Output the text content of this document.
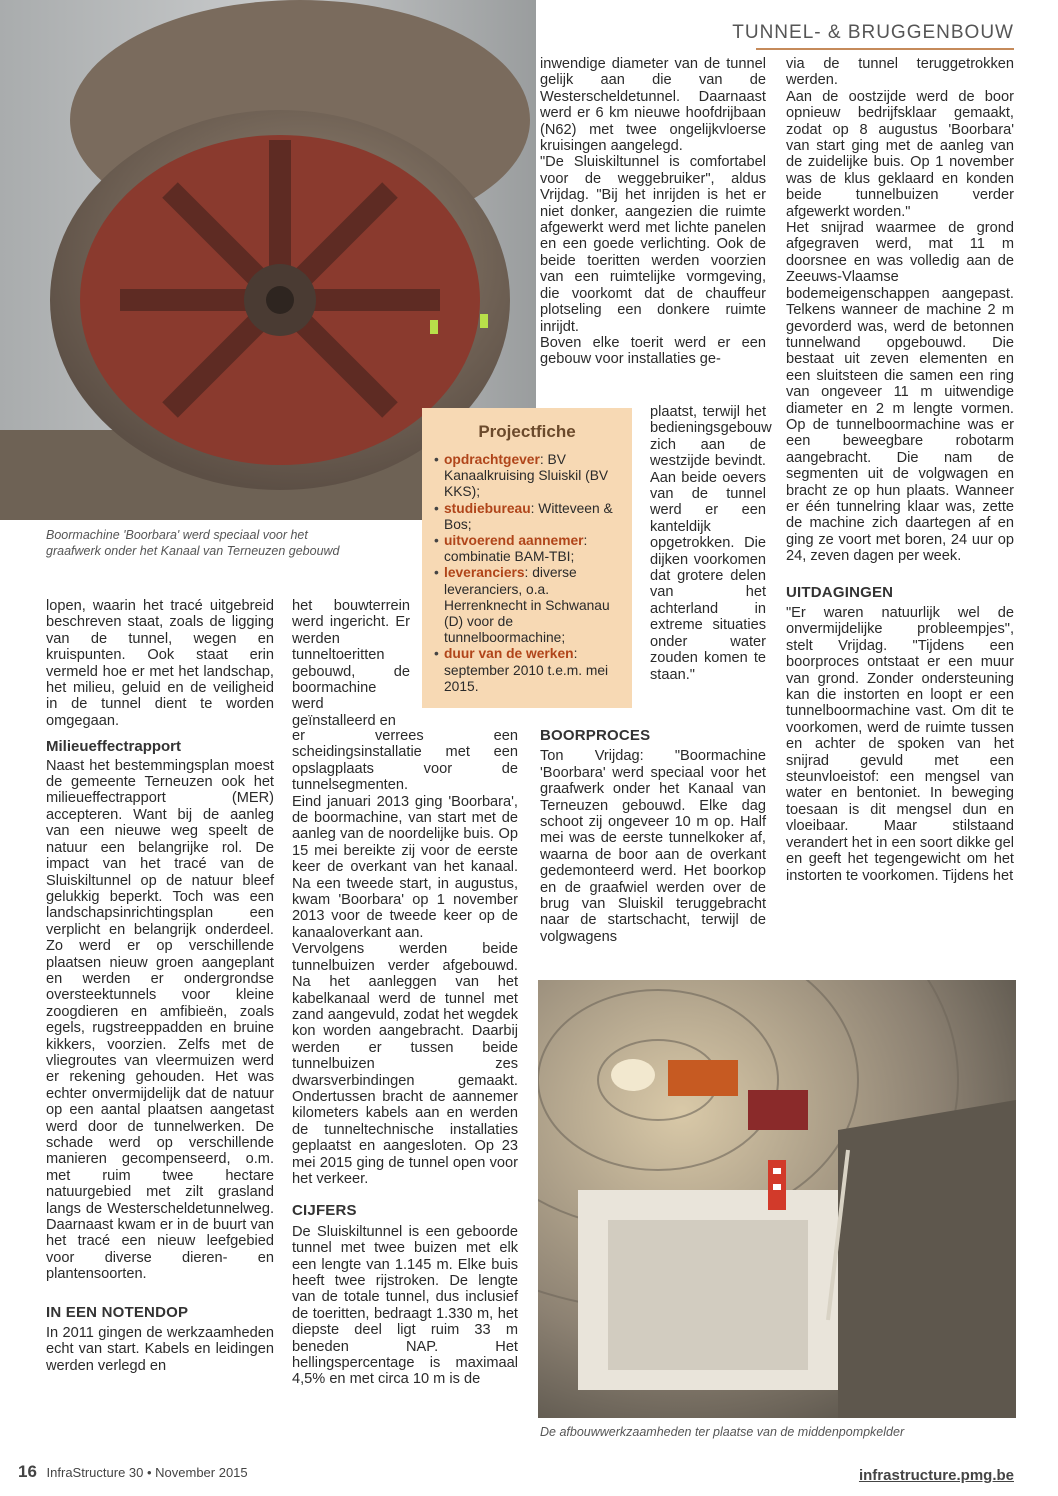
TUNNEL- & BRUGGENBOUW
Boormachine 'Boorbara' werd speciaal voor het graafwerk onder het Kanaal van Terneuzen gebouwd

lopen, waarin het tracé uitgebreid beschreven staat, zoals de ligging van de tunnel, wegen en kruispunten. Ook staat erin vermeld hoe er met het landschap, het milieu, geluid en de veiligheid in de tunnel dient te worden omgegaan.

Milieueffectrapport

Naast het bestemmingsplan moest de gemeente Terneuzen ook het milieueffectrapport (MER) accepteren. Want bij de aanleg van een nieuwe weg speelt de natuur een belangrijke rol. De impact van het tracé van de Sluiskiltunnel op de natuur bleef gelukkig beperkt. Toch was een landschapsinrichtingsplan een verplicht en belangrijk onderdeel. Zo werd er op verschillende plaatsen nieuw groen aangeplant en werden er ondergrondse oversteektunnels voor kleine zoogdieren en amfibieën, zoals egels, rugstreeppadden en bruine kikkers, voorzien. Zelfs met de vliegroutes van vleermuizen werd er rekening gehouden. Het was echter onvermijdelijk dat de natuur op een aantal plaatsen aangetast werd door de tunnelwerken. De schade werd op verschillende manieren gecompenseerd, o.m. met ruim twee hectare natuurgebied met zilt grasland langs de Westerscheldetunnelweg. Daarnaast kwam er in de buurt van het tracé een nieuw leefgebied voor diverse dieren- en plantensoorten.

IN EEN NOTENDOP

In 2011 gingen de werkzaamheden echt van start. Kabels en leidingen werden verlegd en

het bouwterrein werd ingericht. Er werden tunneltoeritten gebouwd, de boormachine werd geïnstalleerd en

er verrees een scheidingsinstallatie met een opslagplaats voor de tunnelsegmenten.

Eind januari 2013 ging 'Boorbara', de boormachine, van start met de aanleg van de noordelijke buis. Op 15 mei bereikte zij voor de eerste keer de overkant van het kanaal. Na een tweede start, in augustus, kwam 'Boorbara' op 1 november 2013 voor de tweede keer op de kanaaloverkant aan.

Vervolgens werden beide tunnelbuizen verder afgebouwd. Na het aanleggen van het kabelkanaal werd de tunnel met zand aangevuld, zodat het wegdek kon worden aangebracht. Daarbij werden er tussen beide tunnelbuizen zes dwarsverbindingen gemaakt. Ondertussen bracht de aannemer kilometers kabels aan en werden de tunneltechnische installaties geplaatst en aangesloten. Op 23 mei 2015 ging de tunnel open voor het verkeer.

CIJFERS

De Sluiskiltunnel is een geboorde tunnel met twee buizen met elk een lengte van 1.145 m. Elke buis heeft twee rijstroken. De lengte van de totale tunnel, dus inclusief de toeritten, bedraagt 1.330 m, het diepste deel ligt ruim 33 m beneden NAP. Het hellingspercentage is maximaal 4,5% en met circa 10 m is de

inwendige diameter van de tunnel gelijk aan die van de Westerscheldetunnel. Daarnaast werd er 6 km nieuwe hoofdrijbaan (N62) met twee ongelijkvloerse kruisingen aangelegd.

"De Sluiskiltunnel is comfortabel voor de weggebruiker", aldus Vrijdag. "Bij het inrijden is het er niet donker, aangezien die ruimte afgewerkt werd met lichte panelen en een goede verlichting. Ook de beide toeritten werden voorzien van een ruimtelijke vormgeving, die voorkomt dat de chauffeur plotseling een donkere ruimte inrijdt.

Boven elke toerit werd er een gebouw voor installaties ge-

plaatst, terwijl het bedieningsgebouw zich aan de westzijde bevindt. Aan beide oevers van de tunnel werd er een kanteldijk opgetrokken. Die dijken voorkomen dat grotere delen van het achterland in extreme situaties onder water zouden komen te staan."

BOORPROCES

Ton Vrijdag: "Boormachine 'Boorbara' werd speciaal voor het graafwerk onder het Kanaal van Terneuzen gebouwd. Elke dag schoot zij ongeveer 10 m op. Half mei was de eerste tunnelkoker af, waarna de boor aan de overkant gedemonteerd werd. Het boorkop en de graafwiel werden over de brug van Sluiskil teruggebracht naar de startschacht, terwijl de volgwagens

via de tunnel teruggetrokken werden.

Aan de oostzijde werd de boor opnieuw bedrijfsklaar gemaakt, zodat op 8 augustus 'Boorbara' van start ging met de aanleg van de zuidelijke buis. Op 1 november was de klus geklaard en konden beide tunnelbuizen verder afgewerkt worden."

Het snijrad waarmee de grond afgegraven werd, mat 11 m doorsnee en was volledig aan de Zeeuws-Vlaamse bodemeigenschappen aangepast. Telkens wanneer de machine 2 m gevorderd was, werd de betonnen tunnelwand opgebouwd. Die bestaat uit zeven elementen en een sluitsteen die samen een ring van ongeveer 11 m uitwendige diameter en 2 m lengte vormen. Op de tunnelboormachine was er een beweegbare robotarm aangebracht. Die nam de segmenten uit de volgwagen en bracht ze op hun plaats. Wanneer er één tunnelring klaar was, zette de machine zich daartegen af en ging ze voort met boren, 24 uur op 24, zeven dagen per week.

UITDAGINGEN

"Er waren natuurlijk wel de onvermijdelijke probleempjes", stelt Vrijdag. "Tijdens een boorproces ontstaat er een muur van grond. Zonder ondersteuning kan die instorten en loopt er een tunnelboormachine vast. Om dit te voorkomen, werd de ruimte tussen en achter de spoken van het snijrad gevuld met een steunvloeistof: een mengsel van water en bentoniet. In beweging toesaan is dit mengsel dun en vloeibaar. Maar stilstaand verandert het in een soort dikke gel en geeft het tegengewicht om het instorten te voorkomen. Tijdens het

Projectfiche
• opdrachtgever: BV Kanaalkruising Sluiskil (BV KKS);
• studiebureau: Witteveen & Bos;
• uitvoerend aannemer: combinatie BAM-TBI;
• leveranciers: diverse leveranciers, o.a. Herrenknecht in Schwanau (D) voor de tunnelboormachine;
• duur van de werken: september 2010 t.e.m. mei 2015.
De afbouwwerkzaamheden ter plaatse van de middenpompkelder
16 InfraStructure 30 • November 2015	infrastructure.pmg.be
